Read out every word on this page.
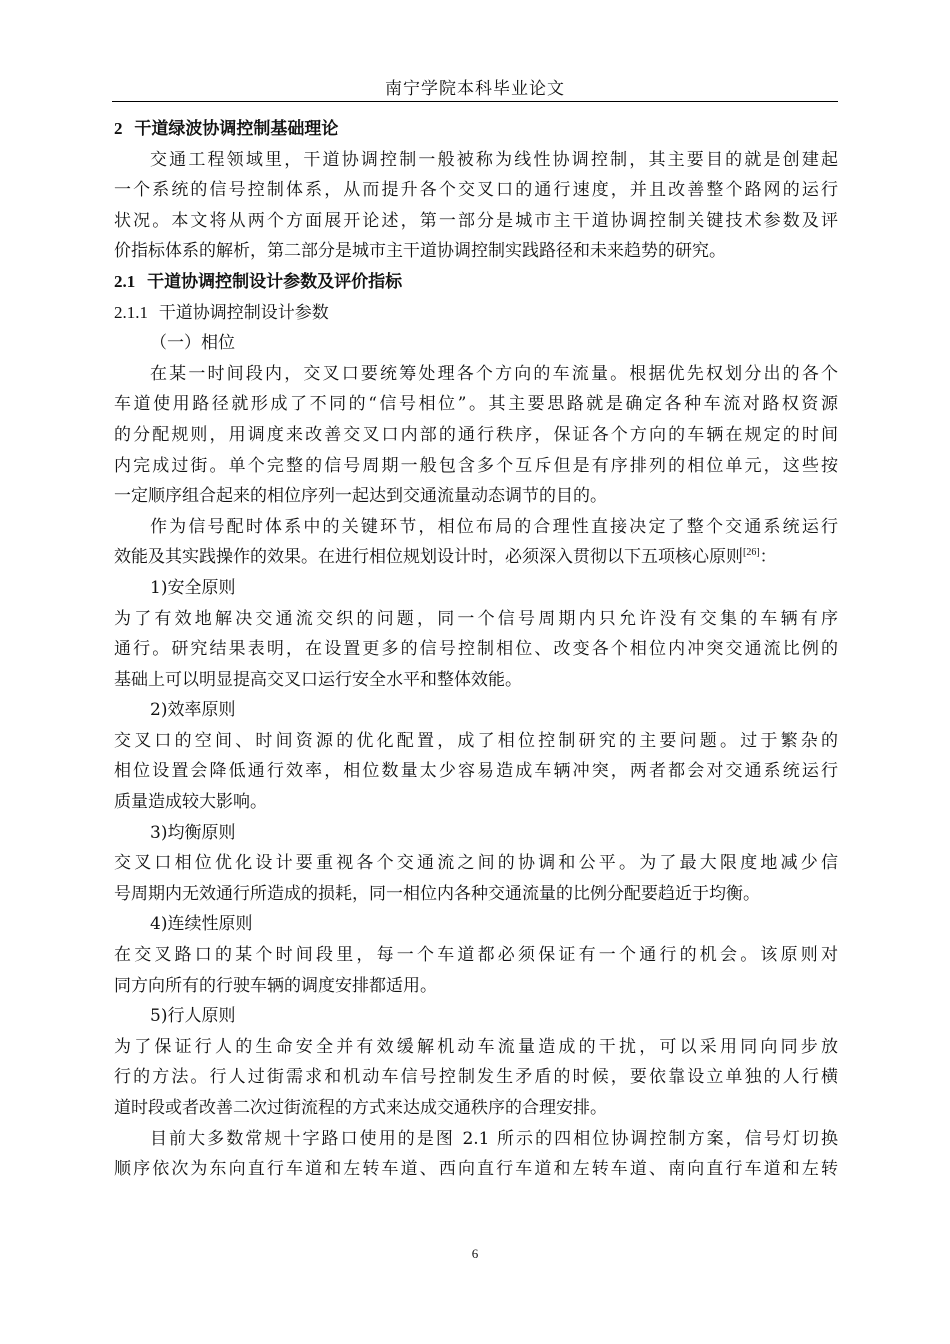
南宁学院本科毕业论文
2 干道绿波协调控制基础理论
交通工程领域里，干道协调控制一般被称为线性协调控制，其主要目的就是创建起
一个系统的信号控制体系，从而提升各个交叉口的通行速度，并且改善整个路网的运行
状况。本文将从两个方面展开论述，第一部分是城市主干道协调控制关键技术参数及评
价指标体系的解析，第二部分是城市主干道协调控制实践路径和未来趋势的研究。
2.1 干道协调控制设计参数及评价指标
2.1.1 干道协调控制设计参数
（一）相位
在某一时间段内，交叉口要统筹处理各个方向的车流量。根据优先权划分出的各个
车道使用路径就形成了不同的“信号相位”。其主要思路就是确定各种车流对路权资源
的分配规则，用调度来改善交叉口内部的通行秩序，保证各个方向的车辆在规定的时间
内完成过街。单个完整的信号周期一般包含多个互斥但是有序排列的相位单元，这些按
一定顺序组合起来的相位序列一起达到交通流量动态调节的目的。
作为信号配时体系中的关键环节，相位布局的合理性直接决定了整个交通系统运行
效能及其实践操作的效果。在进行相位规划设计时，必须深入贯彻以下五项核心原则[26]：
1)安全原则
为了有效地解决交通流交织的问题，同一个信号周期内只允许没有交集的车辆有序
通行。研究结果表明，在设置更多的信号控制相位、改变各个相位内冲突交通流比例的
基础上可以明显提高交叉口运行安全水平和整体效能。
2)效率原则
交叉口的空间、时间资源的优化配置，成了相位控制研究的主要问题。过于繁杂的
相位设置会降低通行效率，相位数量太少容易造成车辆冲突，两者都会对交通系统运行
质量造成较大影响。
3)均衡原则
交叉口相位优化设计要重视各个交通流之间的协调和公平。为了最大限度地减少信
号周期内无效通行所造成的损耗，同一相位内各种交通流量的比例分配要趋近于均衡。
4)连续性原则
在交叉路口的某个时间段里，每一个车道都必须保证有一个通行的机会。该原则对
同方向所有的行驶车辆的调度安排都适用。
5)行人原则
为了保证行人的生命安全并有效缓解机动车流量造成的干扰，可以采用同向同步放
行的方法。行人过街需求和机动车信号控制发生矛盾的时候，要依靠设立单独的人行横
道时段或者改善二次过街流程的方式来达成交通秩序的合理安排。
目前大多数常规十字路口使用的是图 2.1 所示的四相位协调控制方案，信号灯切换
顺序依次为东向直行车道和左转车道、西向直行车道和左转车道、南向直行车道和左转
6
